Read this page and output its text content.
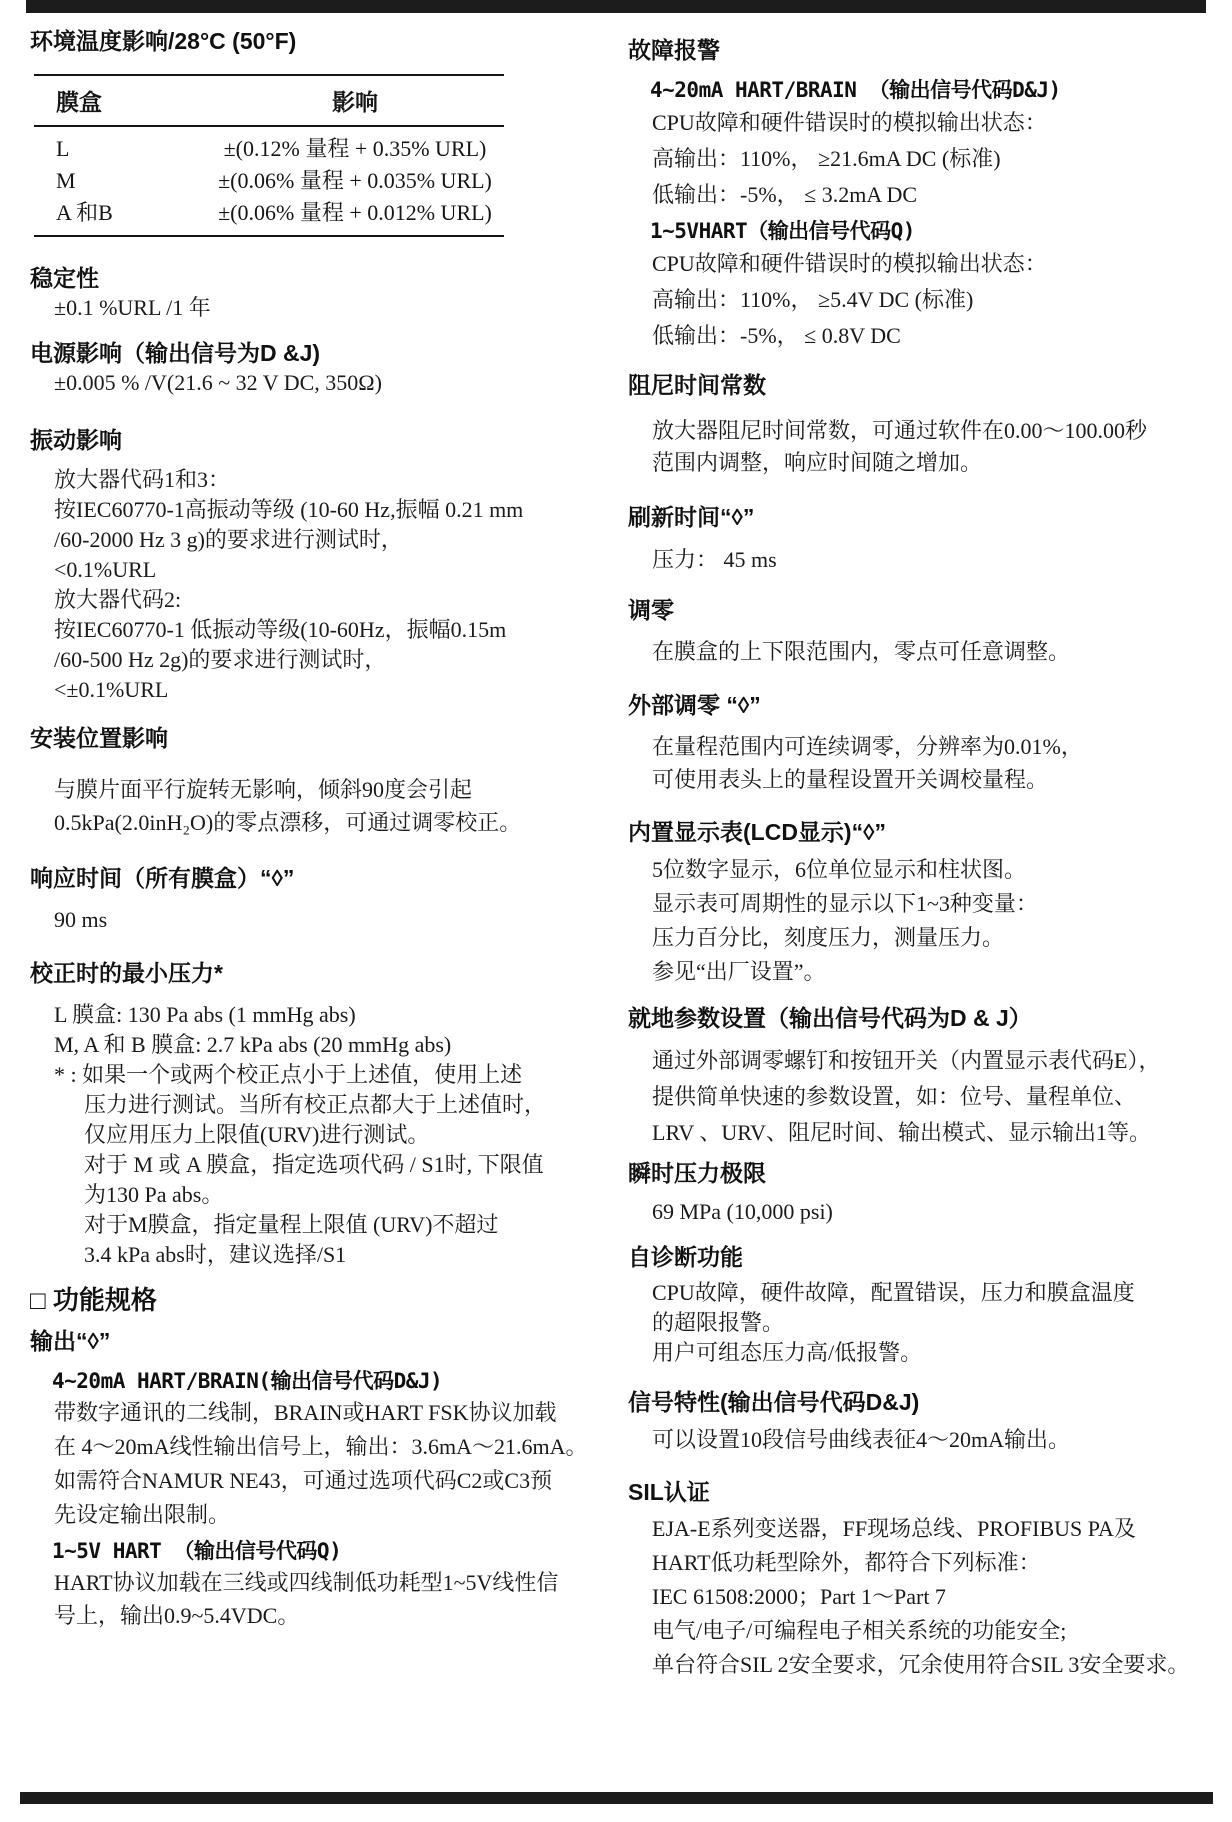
环境温度影响/28°C (50°F)
膜盒	影响
L	±(0.12% 量程 + 0.35% URL)
M	±(0.06% 量程 + 0.035% URL)
A 和B	±(0.06% 量程 + 0.012% URL)
稳定性

±0.1 %URL /1 年

电源影响（输出信号为D &J)

±0.005 % /V(21.6 ~ 32 V DC, 350Ω)

振动影响

放大器代码1和3：

按IEC60770-1高振动等级 (10-60 Hz,振幅 0.21 mm

/60-2000 Hz 3 g)的要求进行测试时，

<0.1%URL

放大器代码2:

按IEC60770-1 低振动等级(10-60Hz，振幅0.15m

/60-500 Hz 2g)的要求进行测试时，

<±0.1%URL

安装位置影响

与膜片面平行旋转无影响，倾斜90度会引起

0.5kPa(2.0inH₂O)的零点漂移，可通过调零校正。

响应时间（所有膜盒）“◊”

90 ms

校正时的最小压力*

L 膜盒: 130 Pa abs (1 mmHg abs)

M, A 和 B 膜盒: 2.7 kPa abs (20 mmHg abs)

* : 如果一个或两个校正点小于上述值，使用上述

压力进行测试。当所有校正点都大于上述值时，

仅应用压力上限值(URV)进行测试。

对于 M 或 A 膜盒，指定选项代码 / S1时, 下限值

为130 Pa abs。

对于M膜盒，指定量程上限值 (URV)不超过

3.4 kPa abs时，建议选择/S1

□ 功能规格
输出“◊”

4~20mA HART/BRAIN(输出信号代码D&J)

带数字通讯的二线制，BRAIN或HART FSK协议加载

在 4～20mA线性输出信号上，输出：3.6mA～21.6mA。

如需符合NAMUR NE43，可通过选项代码C2或C3预

先设定输出限制。

1~5V HART （输出信号代码Q)

HART协议加载在三线或四线制低功耗型1~5V线性信

号上，输出0.9~5.4VDC。

故障报警

4~20mA HART/BRAIN （输出信号代码D&J)

CPU故障和硬件错误时的模拟输出状态：

高输出：110%， ≥21.6mA DC (标准)

低输出：-5%， ≤ 3.2mA DC

1~5VHART（输出信号代码Q)

CPU故障和硬件错误时的模拟输出状态：

高输出：110%， ≥5.4V DC (标准)

低输出：-5%， ≤ 0.8V DC

阻尼时间常数

放大器阻尼时间常数，可通过软件在0.00～100.00秒

范围内调整，响应时间随之增加。

刷新时间“◊”

压力： 45 ms

调零

在膜盒的上下限范围内，零点可任意调整。

外部调零 “◊”

在量程范围内可连续调零，分辨率为0.01%，

可使用表头上的量程设置开关调校量程。

内置显示表(LCD显示)“◊”

5位数字显示，6位单位显示和柱状图。

显示表可周期性的显示以下1~3种变量：

压力百分比，刻度压力，测量压力。

参见“出厂设置”。

就地参数设置（输出信号代码为D & J）

通过外部调零螺钉和按钮开关（内置显示表代码E），

提供简单快速的参数设置，如：位号、量程单位、

LRV 、URV、阻尼时间、输出模式、显示输出1等。

瞬时压力极限

69 MPa (10,000 psi)

自诊断功能

CPU故障，硬件故障，配置错误，压力和膜盒温度

的超限报警。

用户可组态压力高/低报警。

信号特性(输出信号代码D&J)

可以设置10段信号曲线表征4～20mA输出。

SIL认证

EJA-E系列变送器，FF现场总线、PROFIBUS PA及

HART低功耗型除外，都符合下列标准：

IEC 61508:2000；Part 1～Part 7

电气/电子/可编程电子相关系统的功能安全;

单台符合SIL 2安全要求，冗余使用符合SIL 3安全要求。
